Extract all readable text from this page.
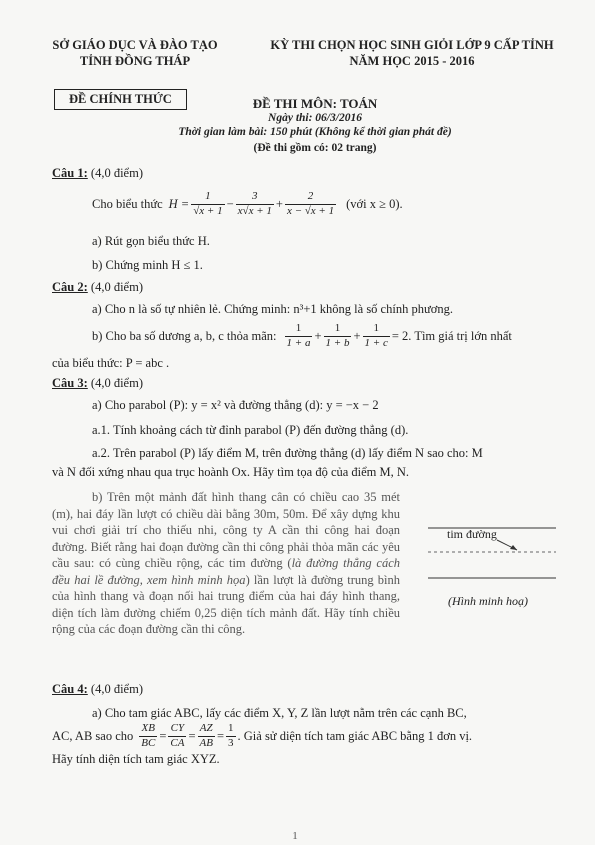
SỞ GIÁO DỤC VÀ ĐÀO TẠO
TỈNH ĐỒNG THÁP
KỲ THI CHỌN HỌC SINH GIỎI LỚP 9 CẤP TỈNH
NĂM HỌC 2015 - 2016
ĐỀ CHÍNH THỨC	ĐỀ THI MÔN: TOÁN
Ngày thi: 06/3/2016
Thời gian làm bài: 150 phút (Không kể thời gian phát đề)
(Đề thi gồm có: 02 trang)
Câu 1: (4,0 điểm)
Cho biểu thức $H = \frac{1}{√x + 1} - \frac{3}{x√x + 1} + \frac{2}{x - √x + 1}$ (với x ≥ 0).
a) Rút gọn biểu thức H.
b) Chứng minh H ≤ 1.
Câu 2: (4,0 điểm)
a) Cho n là số tự nhiên lẻ. Chứng minh: n³+1 không là số chính phương.
b) Cho ba số dương a, b, c thỏa mãn: $\frac{1}{1 + a} + \frac{1}{1 + b} + \frac{1}{1 + c} = 2$ . Tìm giá trị lớn nhất
của biểu thức: P = abc .
Câu 3: (4,0 điểm)
a) Cho parabol (P): y = x² và đường thẳng (d): y = −x − 2
a.1. Tính khoảng cách từ đỉnh parabol (P) đến đường thẳng (d).
a.2. Trên parabol (P) lấy điểm M, trên đường thẳng (d) lấy điểm N sao cho: M
và N đối xứng nhau qua trục hoành Ox. Hãy tìm tọa độ của điểm M, N.
b) Trên một mảnh đất hình thang cân có chiều cao 35 mét (m), hai đáy lần lượt có chiều dài bằng 30m, 50m. Để xây dựng khu vui chơi giải trí cho thiếu nhi, công ty A cần thi công hai đoạn đường. Biết rằng hai đoạn đường cần thi công phải thỏa mãn các yêu cầu sau: có cùng chiều rộng, các tim đường (là đường thẳng cách đều hai lề đường, xem hình minh họa) lần lượt là đường trung bình của hình thang và đoạn nối hai trung điểm của hai đáy hình thang, diện tích làm đường chiếm 0,25 diện tích mảnh đất. Hãy tính chiều rộng của các đoạn đường cần thi công.
tim đường
(Hình minh hoạ)
Câu 4: (4,0 điểm)
a) Cho tam giác ABC, lấy các điểm X, Y, Z lần lượt nằm trên các cạnh BC,
AC, AB sao cho $\frac{XB}{BC} = \frac{CY}{CA} = \frac{AZ}{AB} = \frac{1}{3}$ . Giả sử diện tích tam giác ABC bằng 1 đơn vị.
Hãy tính diện tích tam giác XYZ.
1
